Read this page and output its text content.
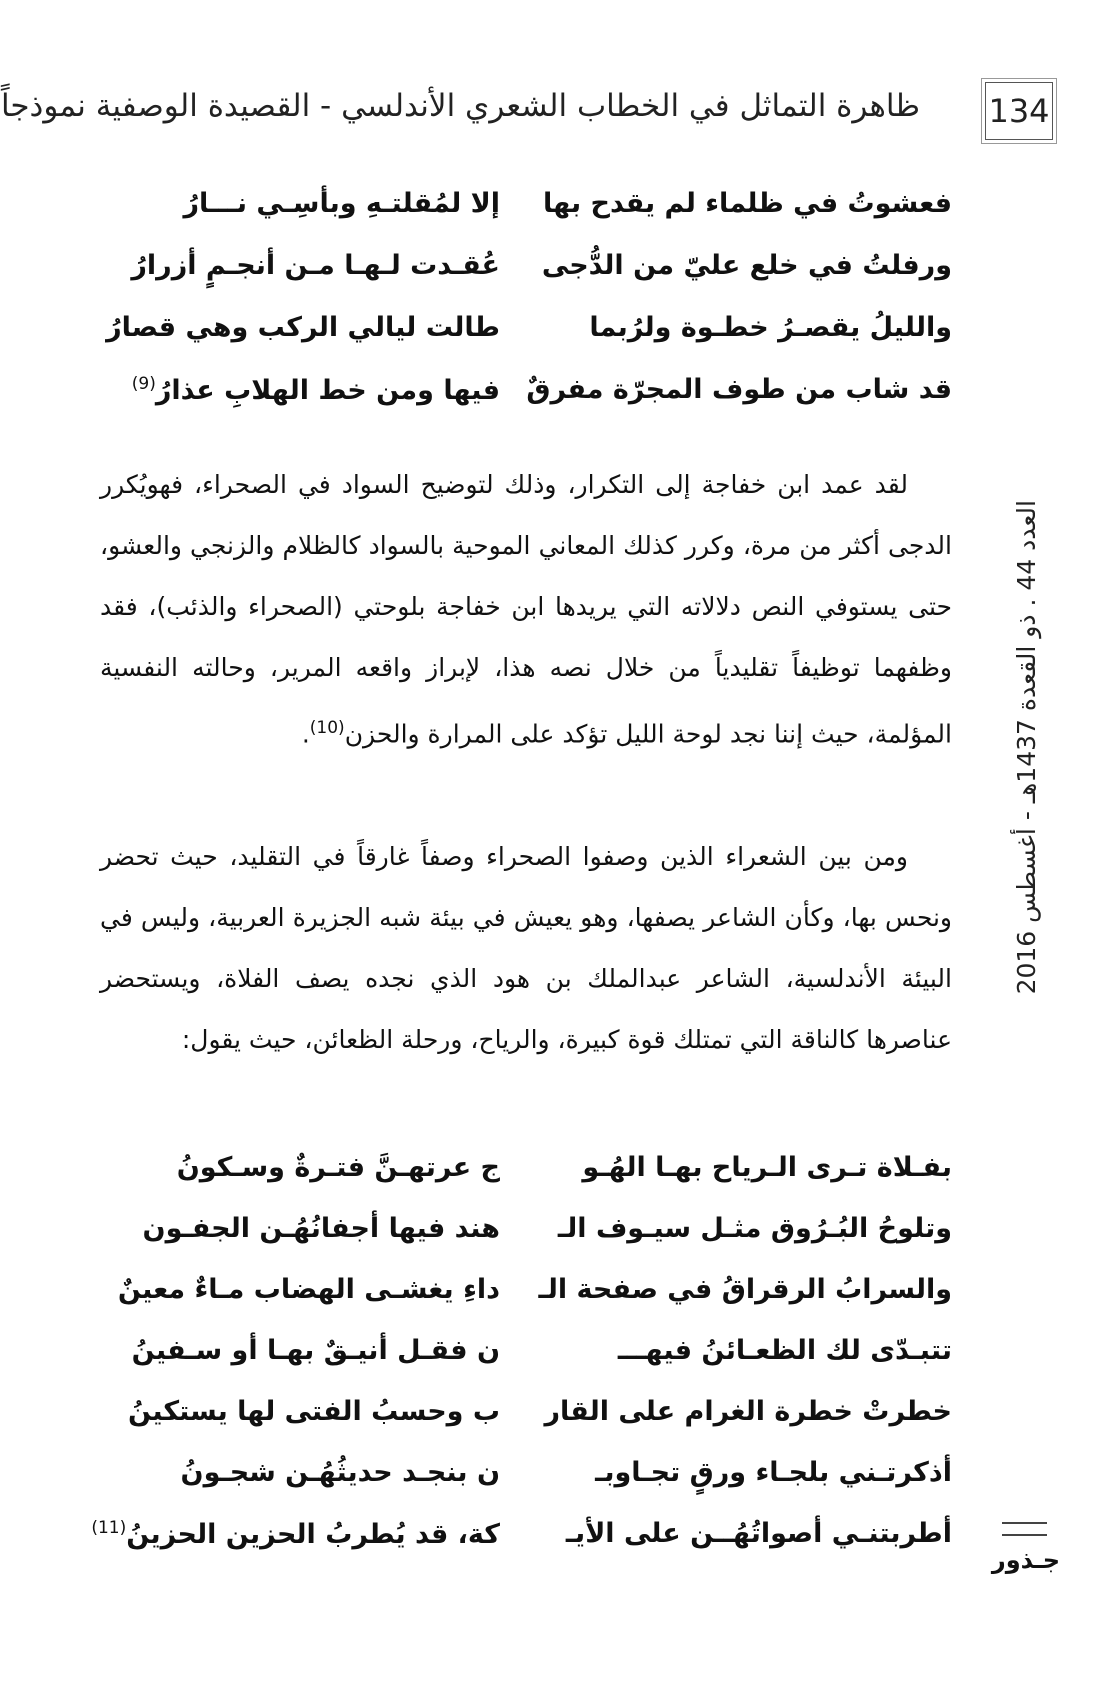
ظاهرة التماثل في الخطاب الشعري الأندلسي - القصيدة الوصفية نموذجاً 134
فعشوتُ في ظلماء لم يقدح بها
إلا لمُقلتـهِ وبأسِـي نـــارُ
ورفلتُ في خلع عليّ من الدُّجى
عُقـدت لـهـا مـن أنجـمٍ أزرارُ
والليلُ يقصـرُ خطـوة ولرُبما
طالت ليالي الركب وهي قصارُ
قد شاب من طوف المجرّة مفرقٌ
فيها ومن خط الهلابِ عذارُ$^{(9)}$

لقد عمد ابن خفاجة إلى التكرار، وذلك لتوضيح السواد في الصحراء، فهويُكرر الدجى أكثر من مرة، وكرر كذلك المعاني الموحية بالسواد كالظلام والزنجي والعشو، حتى يستوفي النص دلالاته التي يريدها ابن خفاجة بلوحتي (الصحراء والذئب)، فقد وظفهما توظيفاً تقليدياً من خلال نصه هذا، لإبراز واقعه المرير، وحالته النفسية المؤلمة، حيث إننا نجد لوحة الليل تؤكد على المرارة والحزن$^{(10)}$.

ومن بين الشعراء الذين وصفوا الصحراء وصفاً غارقاً في التقليد، حيث تحضر ونحس بها، وكأن الشاعر يصفها، وهو يعيش في بيئة شبه الجزيرة العربية، وليس في البيئة الأندلسية، الشاعر عبدالملك بن هود الذي نجده يصف الفلاة، ويستحضر عناصرها كالناقة التي تمتلك قوة كبيرة، والرياح، ورحلة الظعائن، حيث يقول:

بفـلاة تـرى الـرياح بهـا الهُـو
ج عرتهـنَّ فتـرةٌ وسـكونُ
وتلوحُ البُـرُوق مثـل سيـوف الـ
هند فيها أجفانُهُـن الجفـون
والسرابُ الرقراقُ في صفحة الـ
داءِ يغشـى الهضاب مـاءٌ معينٌ
تتبـدّى لك الظعـائنُ فيهـــ
ن فقـل أنيـقٌ بهـا أو سـفينُ
خطرتْ خطرة الغرام على القار
ب وحسبُ الفتى لها يستكينُ
أذكرتـني بلجـاء ورقٍ تجـاوبـ
ن بنجـد حديثُهُـن شجـونُ
أطربتنـي أصواتُهُــن على الأيـ
كة، قد يُطربُ الحزين الحزينُ$^{(11)}$
العدد 44 . ذو القعدة 1437هـ - أغسطس 2016
جـذور
